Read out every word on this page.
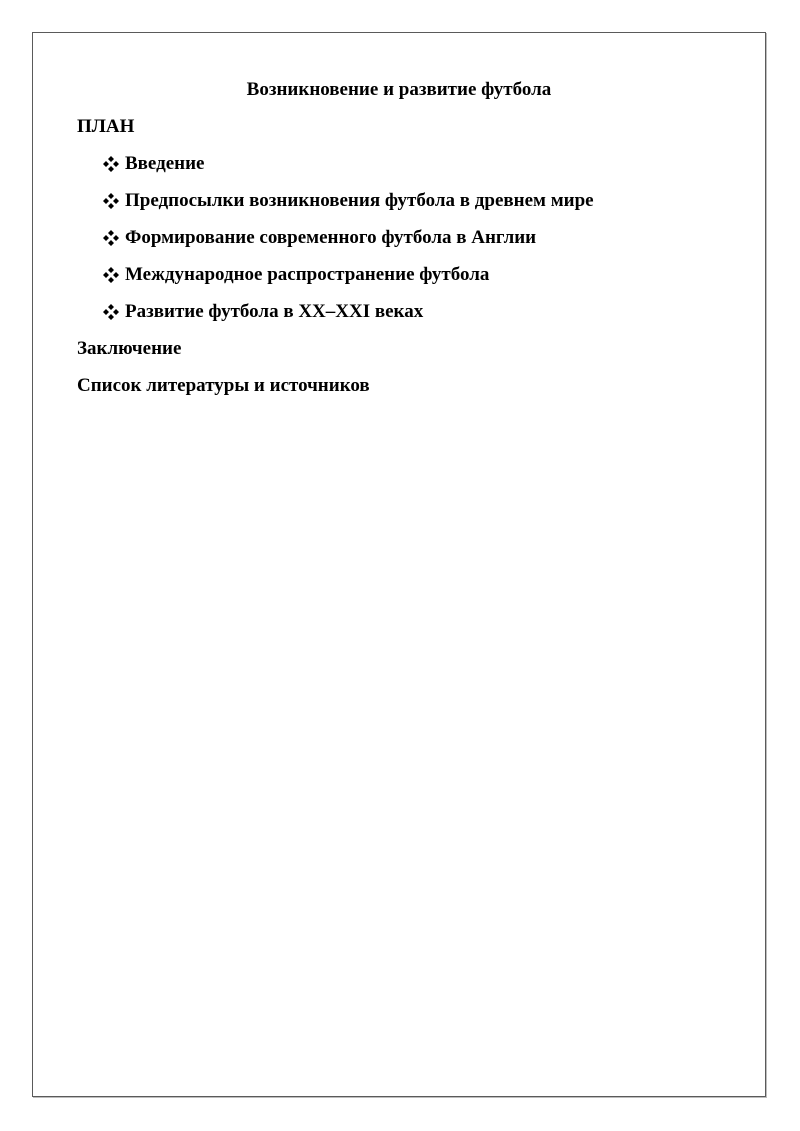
Возникновение и развитие футбола

ПЛАН

Введение

Предпосылки возникновения футбола в древнем мире

Формирование современного футбола в Англии

Международное распространение футбола

Развитие футбола в XX–XXI веках

Заключение

Список литературы и источников
